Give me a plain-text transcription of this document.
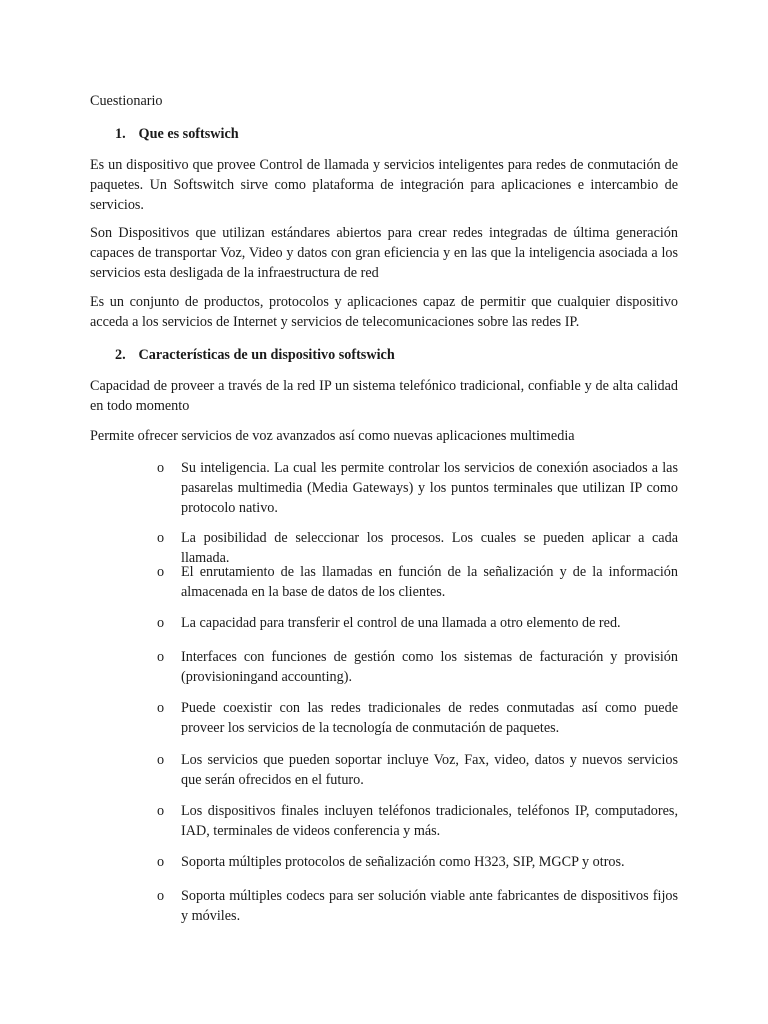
Cuestionario
1. Que es softswich
Es un dispositivo que provee Control de llamada y servicios inteligentes para redes de conmutación de paquetes. Un Softswitch sirve como plataforma de integración para aplicaciones e intercambio de servicios.
Son Dispositivos que utilizan estándares abiertos para crear redes integradas de última generación capaces de transportar Voz, Video y datos con gran eficiencia y en las que la inteligencia asociada a los servicios esta desligada de la infraestructura de red
Es un conjunto de productos, protocolos y aplicaciones capaz de permitir que cualquier dispositivo acceda a los servicios de Internet y servicios de telecomunicaciones sobre las redes IP.
2. Características de un dispositivo softswich
Capacidad de proveer a través de la red IP un sistema telefónico tradicional, confiable y de alta calidad en todo momento
Permite ofrecer servicios de voz avanzados así como nuevas aplicaciones multimedia
o	Su inteligencia. La cual les permite controlar los servicios de conexión asociados a las pasarelas multimedia (Media Gateways) y los puntos terminales que utilizan IP como protocolo nativo.
o	La posibilidad de seleccionar los procesos. Los cuales se pueden aplicar a cada llamada.
o	El enrutamiento de las llamadas en función de la señalización y de la información almacenada en la base de datos de los clientes.
o	La capacidad para transferir el control de una llamada a otro elemento de red.
o	Interfaces con funciones de gestión como los sistemas de facturación y provisión (provisioningand accounting).
o	Puede coexistir con las redes tradicionales de redes conmutadas así como puede proveer los servicios de la tecnología de conmutación de paquetes.
o	Los servicios que pueden soportar incluye Voz, Fax, video, datos y nuevos servicios que serán ofrecidos en el futuro.
o	Los dispositivos finales incluyen teléfonos tradicionales, teléfonos IP, computadores, IAD, terminales de videos conferencia y más.
o	Soporta múltiples protocolos de señalización como H323, SIP, MGCP y otros.
o	Soporta múltiples codecs para ser solución viable ante fabricantes de dispositivos fijos y móviles.
